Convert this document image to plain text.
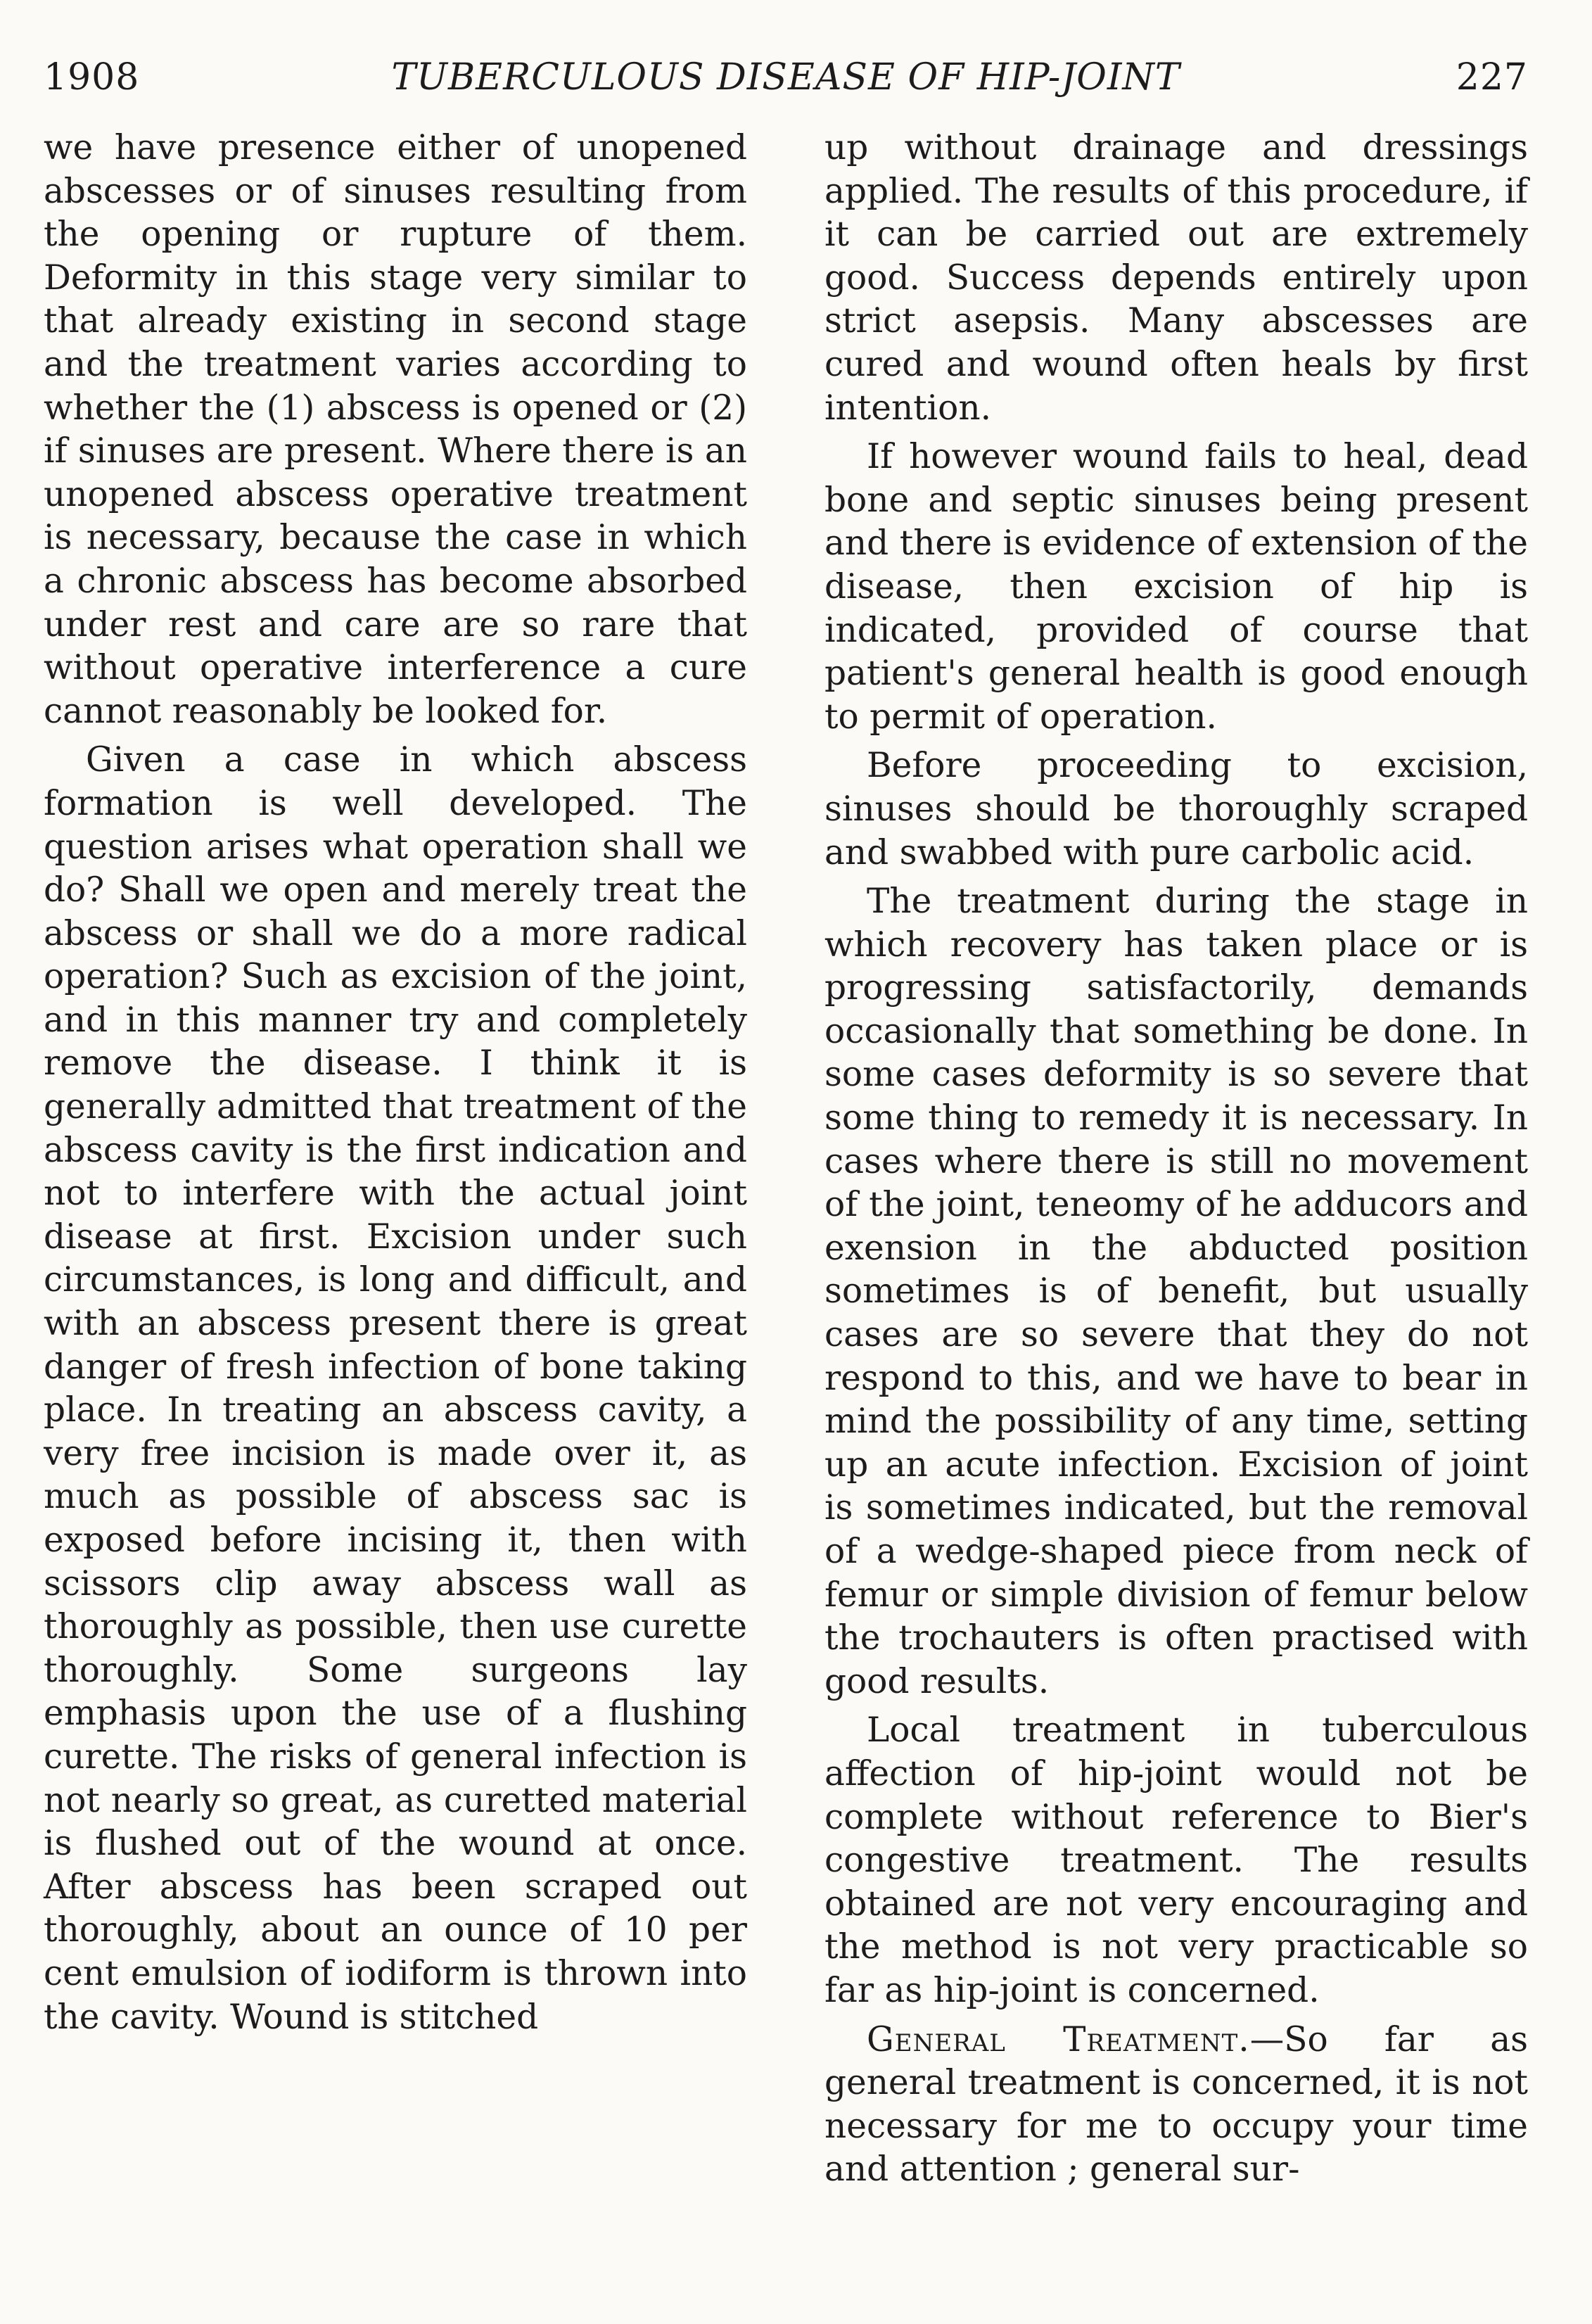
1908	TUBERCULOUS DISEASE OF HIP-JOINT	227

we have presence either of unopened abscesses or of sinuses resulting from the opening or rupture of them. Deformity in this stage very similar to that already existing in second stage and the treatment varies according to whether the (1) abscess is opened or (2) if sinuses are present. Where there is an unopened abscess operative treatment is necessary, because the case in which a chronic abscess has become absorbed under rest and care are so rare that without operative interference a cure cannot reasonably be looked for.

Given a case in which abscess formation is well developed. The question arises what operation shall we do? Shall we open and merely treat the abscess or shall we do a more radical operation? Such as excision of the joint, and in this manner try and completely remove the disease. I think it is generally admitted that treatment of the abscess cavity is the first indication and not to interfere with the actual joint disease at first. Excision under such circumstances, is long and difficult, and with an abscess present there is great danger of fresh infection of bone taking place. In treating an abscess cavity, a very free incision is made over it, as much as possible of abscess sac is exposed before incising it, then with scissors clip away abscess wall as thoroughly as possible, then use curette thoroughly. Some surgeons lay emphasis upon the use of a flushing curette. The risks of general infection is not nearly so great, as curetted material is flushed out of the wound at once. After abscess has been scraped out thoroughly, about an ounce of 10 per cent emulsion of iodiform is thrown into the cavity. Wound is stitched

up without drainage and dressings applied. The results of this procedure, if it can be carried out are extremely good. Success depends entirely upon strict asepsis. Many abscesses are cured and wound often heals by first intention.

If however wound fails to heal, dead bone and septic sinuses being present and there is evidence of extension of the disease, then excision of hip is indicated, provided of course that patient's general health is good enough to permit of operation.

Before proceeding to excision, sinuses should be thoroughly scraped and swabbed with pure carbolic acid.

The treatment during the stage in which recovery has taken place or is progressing satisfactorily, demands occasionally that something be done. In some cases deformity is so severe that some thing to remedy it is necessary. In cases where there is still no movement of the joint, tenеomy of he adducors and exension in the abducted position sometimes is of benefit, but usually cases are so severe that they do not respond to this, and we have to bear in mind the possibility of any time, setting up an acute infection. Excision of joint is sometimes indicated, but the removal of a wedge-shaped piece from neck of femur or simple division of femur below the trochauters is often practised with good results.

Local treatment in tuberculous affection of hip-joint would not be complete without reference to Bier's congestive treatment. The results obtained are not very encouraging and the method is not very practicable so far as hip-joint is concerned.

General Treatment.—So far as general treatment is concerned, it is not necessary for me to occupy your time and attention ; general sur-
